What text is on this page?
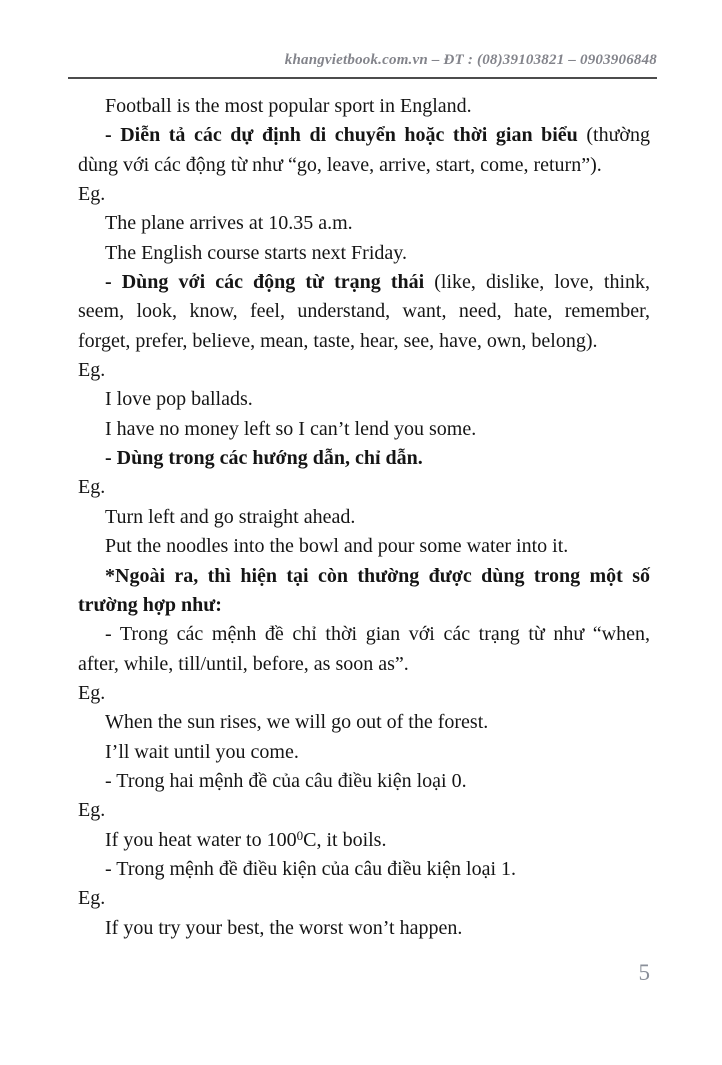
khangvietbook.com.vn – ĐT : (08)39103821 – 0903906848
Football is the most popular sport in England.
- Diễn tả các dự định di chuyển hoặc thời gian biểu (thường
dùng với các động từ như “go, leave, arrive, start, come, return”).
Eg.
The plane arrives at 10.35 a.m.
The English course starts next Friday.
- Dùng với các động từ trạng thái (like, dislike, love, think,
seem, look, know, feel, understand, want, need, hate, remember,
forget, prefer, believe, mean, taste, hear, see, have, own, belong).
Eg.
I love pop ballads.
I have no money left so I can’t lend you some.
- Dùng trong các hướng dẫn, chỉ dẫn.
Eg.
Turn left and go straight ahead.
Put the noodles into the bowl and pour some water into it.
*Ngoài ra, thì hiện tại còn thường được dùng trong một số
trường hợp như:
- Trong các mệnh đề chỉ thời gian với các trạng từ như “when,
after, while, till/until, before, as soon as”.
Eg.
When the sun rises, we will go out of the forest.
I’ll wait until you come.
- Trong hai mệnh đề của câu điều kiện loại 0.
Eg.
If you heat water to $100^0C$, it boils.
- Trong mệnh đề điều kiện của câu điều kiện loại 1.
Eg.
If you try your best, the worst won’t happen.
5
